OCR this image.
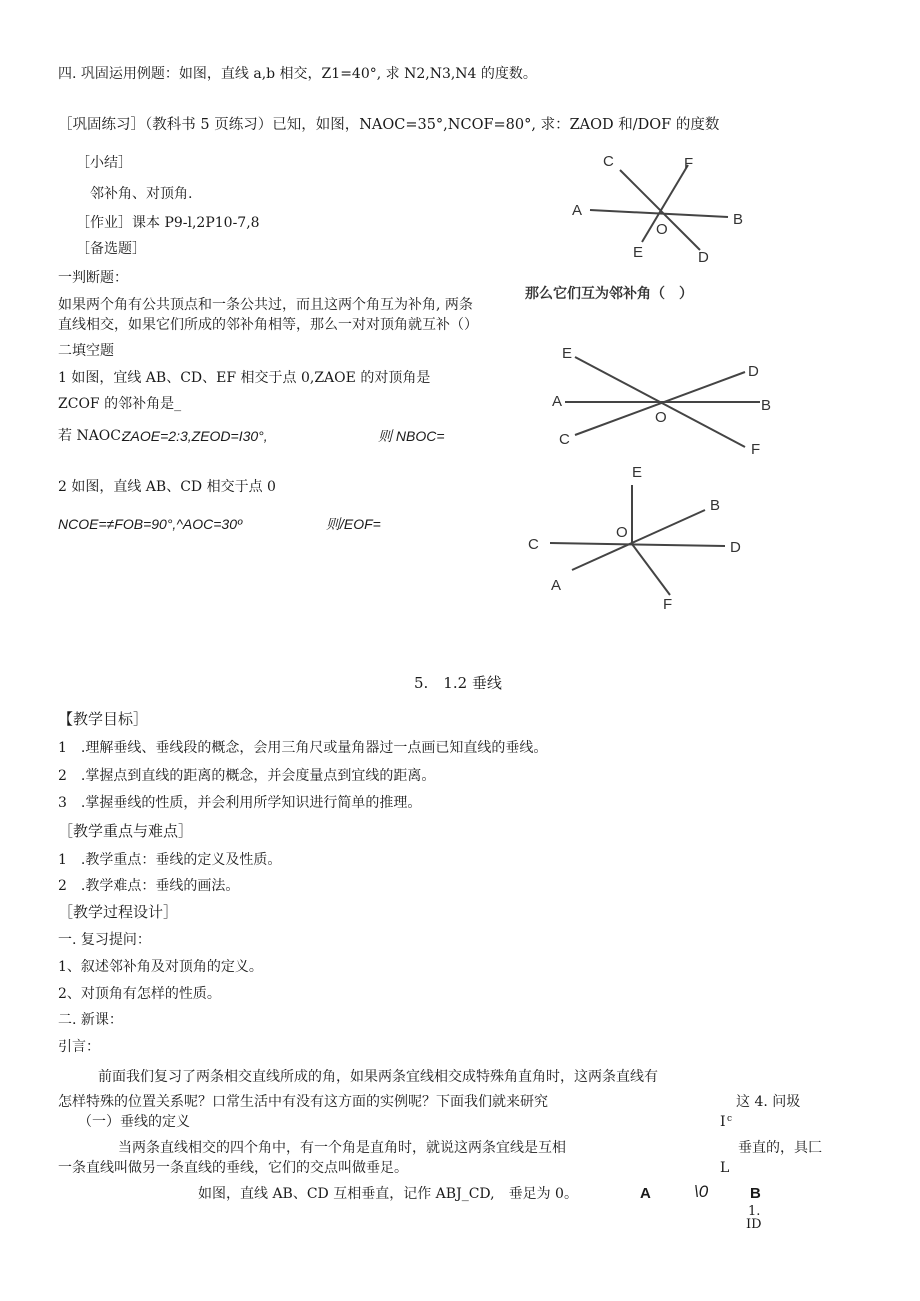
四. 巩固运用例题：如图，直线 a,b 相交，Z1=40°, 求 N2,N3,N4 的度数。
［巩固练习］（教科书 5 页练习）已知，如图，NAOC=35°,NCOF=80°, 求：ZAOD 和/DOF 的度数
［小结］
邻补角、对顶角.
［作业］课本 P9-l,2P10-7,8
［备选题］
一判断题：
如果两个角有公共顶点和一条公共过，而且这两个角互为补角, 两条
直线相交，如果它们所成的邻补角相等，那么一对对顶角就互补（）
那么它们互为邻补角（　）
二填空题
1 如图，宜线 AB、CD、EF 相交于点 0,ZAOE 的对顶角是
ZCOF 的邻补角是_
若 NAOC:
ZAOE=2:3,ZEOD=I30°,	则 NBOC=
2 如图，直线 AB、CD 相交于点 0
NCOE=≠FOB=90°,^AOC=30º	则/EOF=
C	F
A
O
B
E	D
E
D
A
O
B
C
F
E
B
O
C	D
A
F
5.　1.2 垂线
【教学目标］
1　.理解垂线、垂线段的概念，会用三角尺或量角器过一点画已知直线的垂线。
2　.掌握点到直线的距离的概念，并会度量点到宜线的距离。
3　.掌握垂线的性质，并会利用所学知识进行简单的推理。
［教学重点与难点］
1　.教学重点：垂线的定义及性质。
2　.教学难点：垂线的画法。
［教学过程设计］
一. 复习提问：
1、叙述邻补角及对顶角的定义。
2、对顶角有怎样的性质。
二. 新课：
引言：
前面我们复习了两条相交直线所成的角，如果两条宜线相交成特殊角直角时，这两条直线有
怎样特殊的位置关系呢？口常生活中有没有这方面的实例呢？下面我们就来研究	这 4. 问圾
（一）垂线的定义	I c
当两条直线相交的四个角中，有一个角是直角时，就说这两条宜线是互相	垂直的，具匚
一条直线叫做另一条直线的垂线，它们的交点叫做垂足。	L
如图，直线 AB、CD 互相垂直，记作 ABJ_CD,　垂足为 0。	A	\0	B
1.
ID
